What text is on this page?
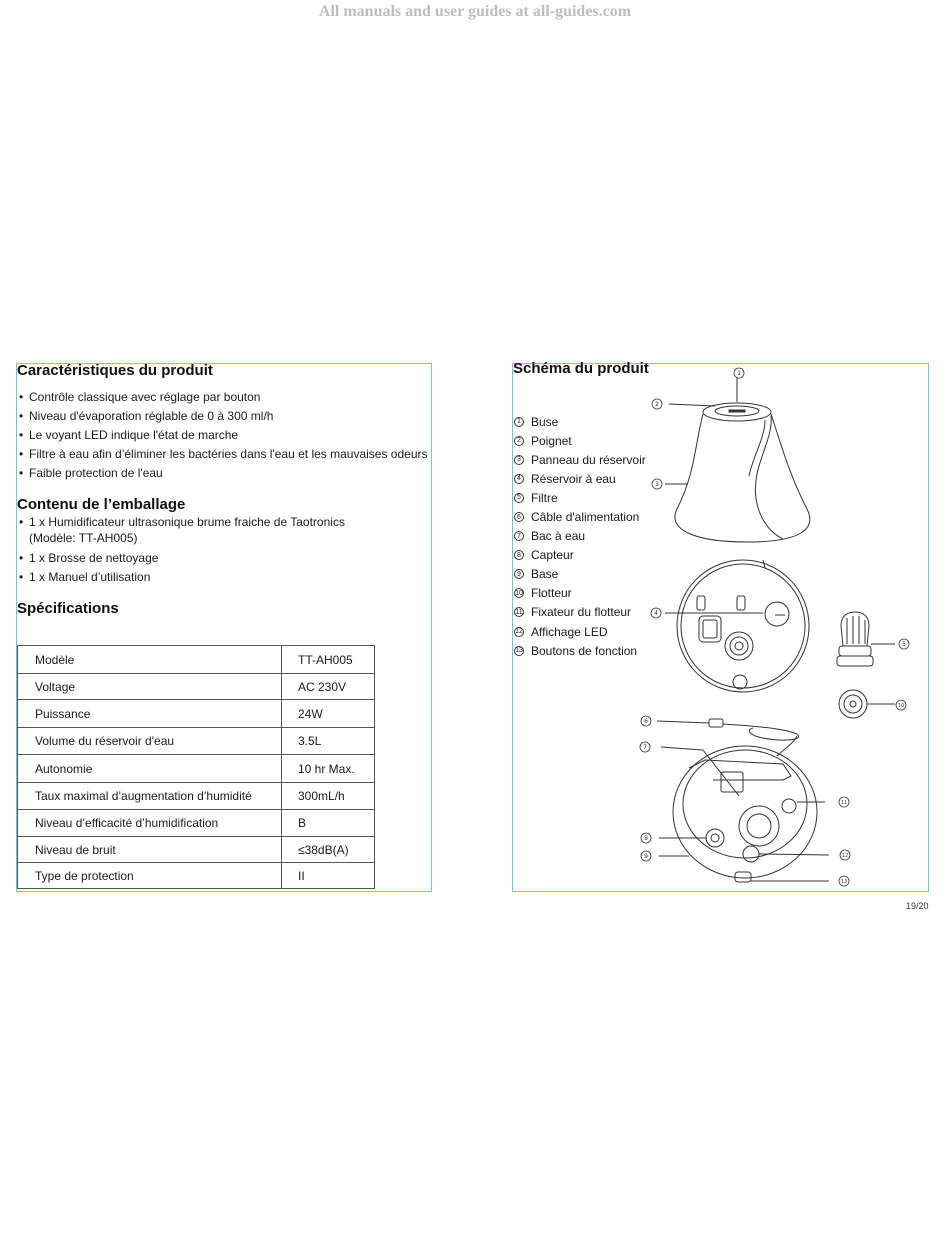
All manuals and user guides at all-guides.com
Caractéristiques du produit
• Contrôle classique avec réglage par bouton
• Niveau d'évaporation réglable de 0 à 300 ml/h
• Le voyant LED indique l'état de marche
• Filtre à eau afin d’éliminer les bactéries dans l'eau et les mauvaises odeurs
• Faible protection de l'eau
Contenu de l’emballage
• 1 x Humidificateur ultrasonique brume fraiche de Taotronics (Modèle: TT-AH005)
• 1 x Brosse de nettoyage
• 1 x Manuel d’utilisation
Spécifications
Modèle	TT-AH005
Voltage	AC 230V
Puissance	24W
Volume du réservoir d'eau	3.5L
Autonomie	10 hr Max.
Taux maximal d’augmentation d’humidité	300mL/h
Niveau d’efficacité d’humidification	B
Niveau de bruit	≤38dB(A)
Type de protection	II
Schéma du produit
1 Buse
2 Poignet
3 Panneau du réservoir
4 Réservoir à eau
5 Filtre
6 Câble d'alimentation
7 Bac à eau
8 Capteur
9 Base
10 Flotteur
11 Fixateur du flotteur
12 Affichage LED
13 Boutons de fonction
1
2
3
4
5
6
7
8
9
10
11
12
13
19/20
